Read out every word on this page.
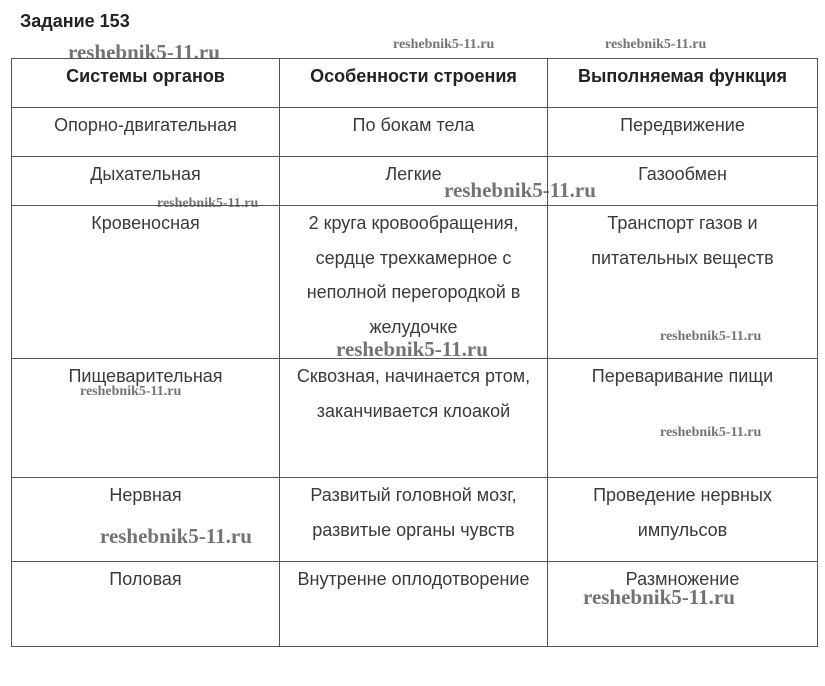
Задание 153
Системы органов	Особенности строения	Выполняемая функция
Опорно-двигательная	По бокам тела	Передвижение
Дыхательная	Легкие	Газообмен
Кровеносная	2 круга кровообращения, сердце трехкамерное с неполной перегородкой в желудочке	Транспорт газов и питательных веществ
Пищеварительная	Сквозная, начинается ртом, заканчивается клоакой	Переваривание пищи
Нервная	Развитый головной мозг, развитые органы чувств	Проведение нервных импульсов
Половая	Внутренне оплодотворение	Размножение
reshebnik5-11.ru	reshebnik5-11.ru	reshebnik5-11.ru
reshebnik5-11.ru
reshebnik5-11.ru
reshebnik5-11.ru
reshebnik5-11.ru
reshebnik5-11.ru
reshebnik5-11.ru
reshebnik5-11.ru
reshebnik5-11.ru
